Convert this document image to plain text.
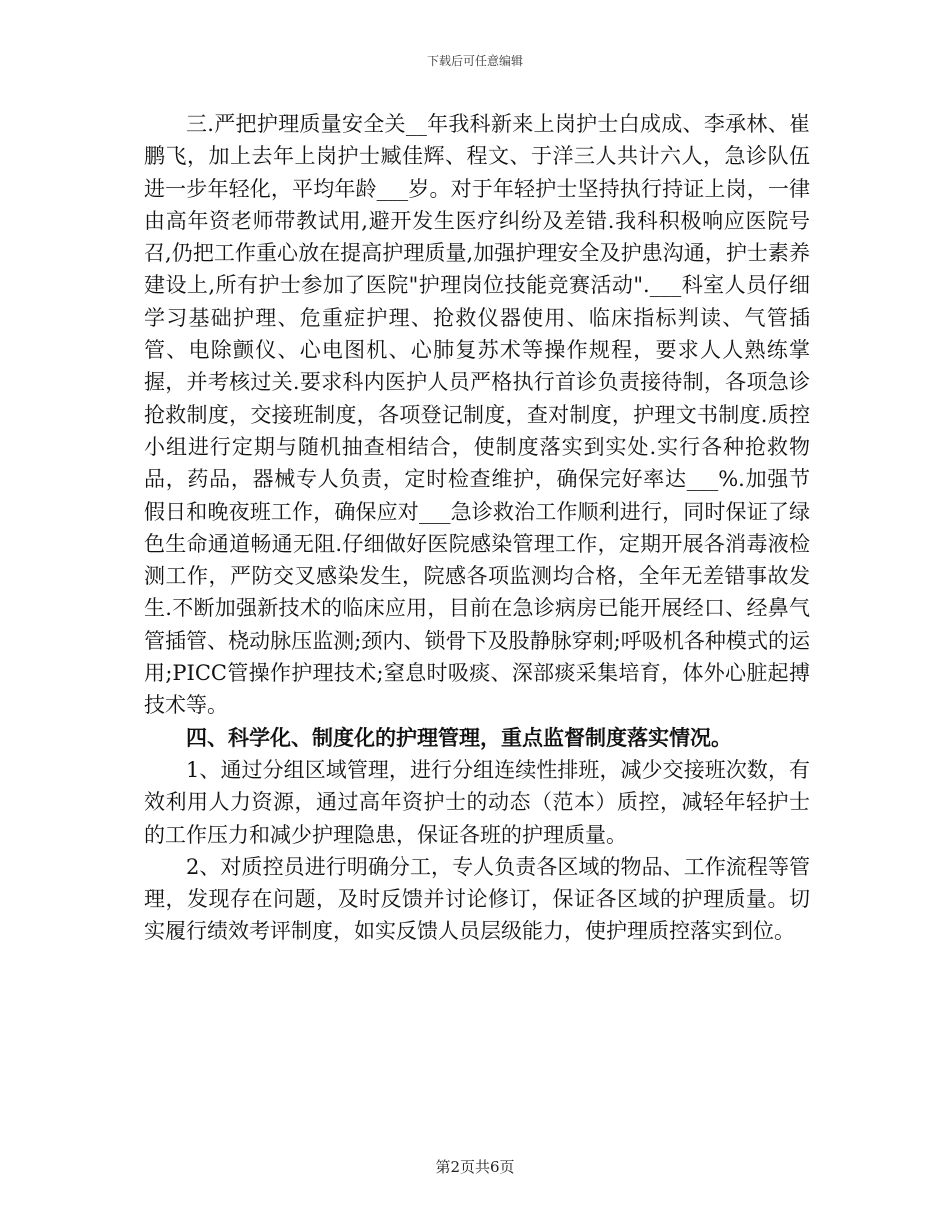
下载后可任意编辑

三.严把护理质量安全关__年我科新来上岗护士白成成、李承林、崔鹏飞，加上去年上岗护士臧佳辉、程文、于洋三人共计六人，急诊队伍进一步年轻化，平均年龄___岁。对于年轻护士坚持执行持证上岗，一律由高年资老师带教试用,避开发生医疗纠纷及差错.我科积极响应医院号召,仍把工作重心放在提高护理质量,加强护理安全及护患沟通，护士素养建设上,所有护士参加了医院"护理岗位技能竞赛活动".___科室人员仔细学习基础护理、危重症护理、抢救仪器使用、临床指标判读、气管插管、电除颤仪、心电图机、心肺复苏术等操作规程，要求人人熟练掌握，并考核过关.要求科内医护人员严格执行首诊负责接待制，各项急诊抢救制度，交接班制度，各项登记制度，查对制度，护理文书制度.质控小组进行定期与随机抽查相结合，使制度落实到实处.实行各种抢救物品，药品，器械专人负责，定时检查维护，确保完好率达___%.加强节假日和晚夜班工作，确保应对___急诊救治工作顺利进行，同时保证了绿色生命通道畅通无阻.仔细做好医院感染管理工作，定期开展各消毒液检测工作，严防交叉感染发生，院感各项监测均合格，全年无差错事故发生.不断加强新技术的临床应用，目前在急诊病房已能开展经口、经鼻气管插管、桡动脉压监测;颈内、锁骨下及股静脉穿刺;呼吸机各种模式的运用;PICC管操作护理技术;窒息时吸痰、深部痰采集培育，体外心脏起搏技术等。

四、科学化、制度化的护理管理，重点监督制度落实情况。

1、通过分组区域管理，进行分组连续性排班，减少交接班次数，有效利用人力资源，通过高年资护士的动态（范本）质控，减轻年轻护士的工作压力和减少护理隐患，保证各班的护理质量。

2、对质控员进行明确分工，专人负责各区域的物品、工作流程等管理，发现存在问题，及时反馈并讨论修订，保证各区域的护理质量。切实履行绩效考评制度，如实反馈人员层级能力，使护理质控落实到位。

第2页共6页
